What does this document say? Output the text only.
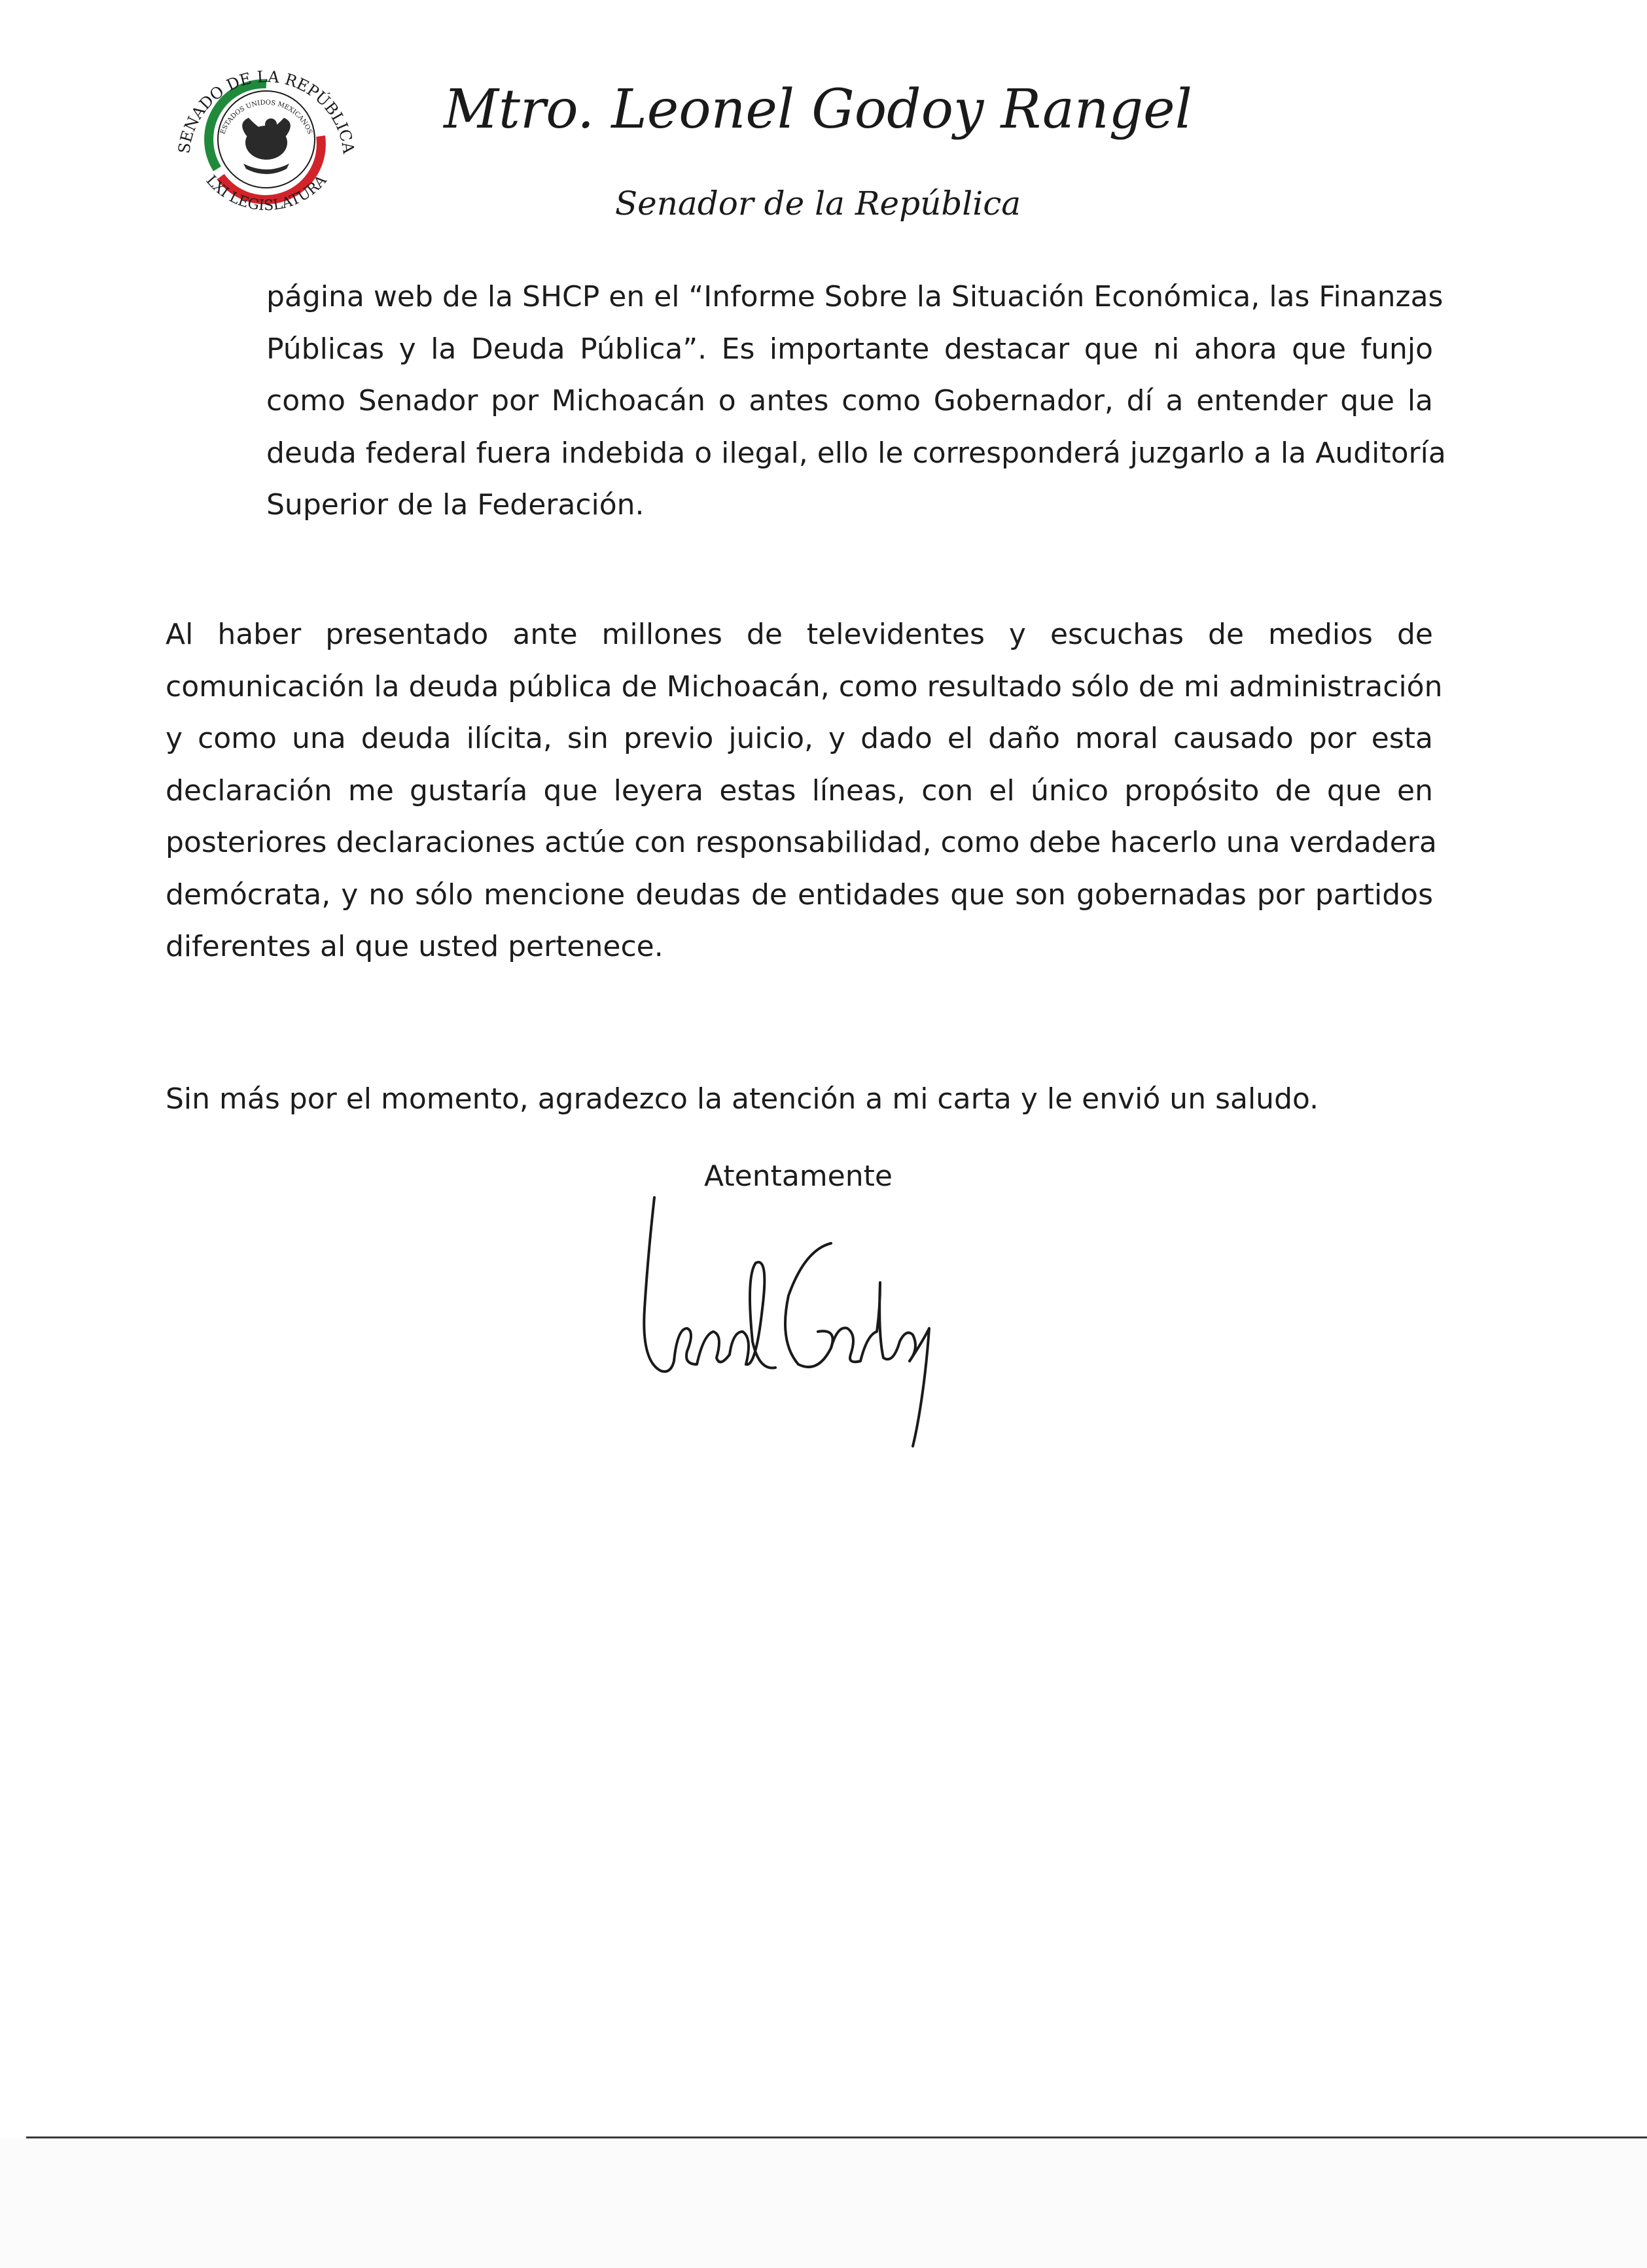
SENADO DE LA REPÚBLICA
ESTADOS UNIDOS MEXICANOS
LXI LEGISLATURA
Mtro. Leonel Godoy Rangel
Senador de la República
página web de la SHCP en el “Informe Sobre la Situación Económica, las Finanzas
Públicas y la Deuda Pública”. Es importante destacar que ni ahora que funjo
como Senador por Michoacán o antes como Gobernador, dí a entender que la
deuda federal fuera indebida o ilegal, ello le corresponderá juzgarlo a la Auditoría
Superior de la Federación.
Al haber presentado ante millones de televidentes y escuchas de medios de
comunicación la deuda pública de Michoacán, como resultado sólo de mi administración
y como una deuda ilícita, sin previo juicio, y dado el daño moral causado por esta
declaración me gustaría que leyera estas líneas, con el único propósito de que en
posteriores declaraciones actúe con responsabilidad, como debe hacerlo una verdadera
demócrata, y no sólo mencione deudas de entidades que son gobernadas por partidos
diferentes al que usted pertenece.
Sin más por el momento, agradezco la atención a mi carta y le envió un saludo.
Atentamente
